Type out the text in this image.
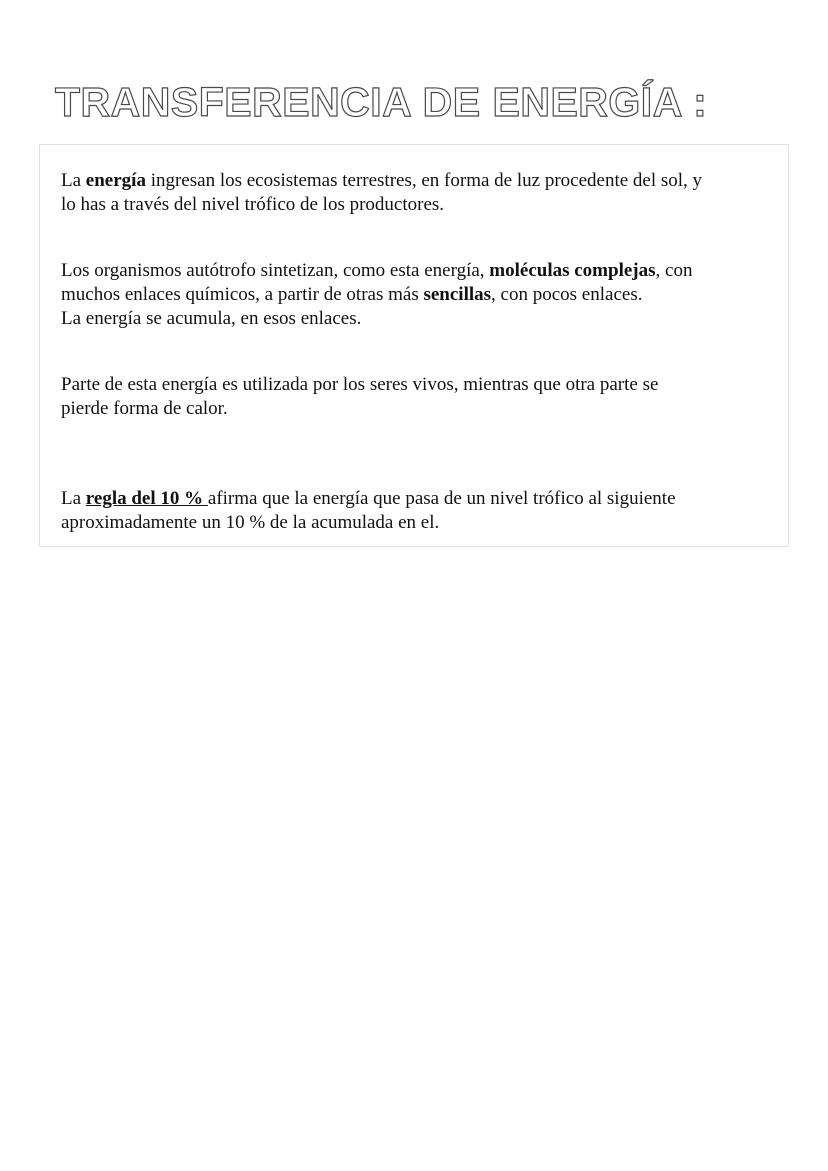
TRANSFERENCIA DE ENERGÍA :

La energía ingresan los ecosistemas terrestres, en forma de luz procedente del sol, y
lo has a través del nivel trófico de los productores.

Los organismos autótrofo sintetizan, como esta energía, moléculas complejas, con
muchos enlaces químicos, a partir de otras más sencillas, con pocos enlaces.
La energía se acumula, en esos enlaces.

Parte de esta energía es utilizada por los seres vivos, mientras que otra parte se
pierde forma de calor.

La regla del 10 % afirma que la energía que pasa de un nivel trófico al siguiente
aproximadamente un 10 % de la acumulada en el.
